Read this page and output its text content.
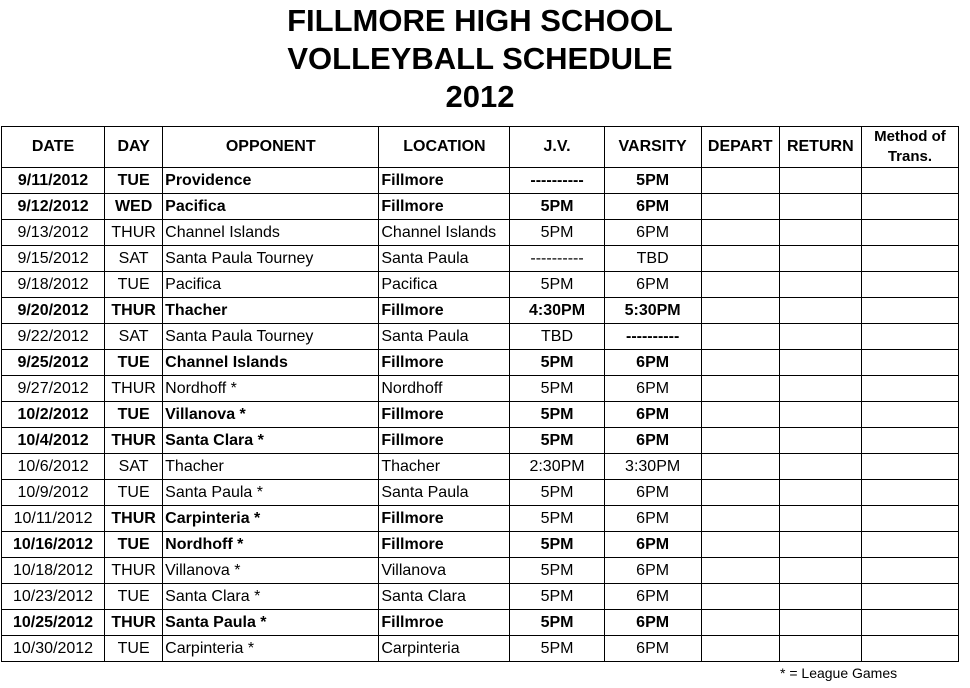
FILLMORE HIGH SCHOOL
VOLLEYBALL SCHEDULE
2012
DATE	DAY	OPPONENT	LOCATION	J.V.	VARSITY	DEPART	RETURN	Method of
Trans.
9/11/2012	TUE	Providence	Fillmore	----------	5PM			
9/12/2012	WED	Pacifica	Fillmore	5PM	6PM			
9/13/2012	THUR	Channel Islands	Channel Islands	5PM	6PM			
9/15/2012	SAT	Santa Paula Tourney	Santa Paula	----------	TBD			
9/18/2012	TUE	Pacifica	Pacifica	5PM	6PM			
9/20/2012	THUR	Thacher	Fillmore	4:30PM	5:30PM			
9/22/2012	SAT	Santa Paula Tourney	Santa Paula	TBD	----------			
9/25/2012	TUE	Channel Islands	Fillmore	5PM	6PM			
9/27/2012	THUR	Nordhoff *	Nordhoff	5PM	6PM			
10/2/2012	TUE	Villanova *	Fillmore	5PM	6PM			
10/4/2012	THUR	Santa Clara *	Fillmore	5PM	6PM			
10/6/2012	SAT	Thacher	Thacher	2:30PM	3:30PM			
10/9/2012	TUE	Santa Paula *	Santa Paula	5PM	6PM			
10/11/2012	THUR	Carpinteria *	Fillmore	5PM	6PM			
10/16/2012	TUE	Nordhoff *	Fillmore	5PM	6PM			
10/18/2012	THUR	Villanova *	Villanova	5PM	6PM			
10/23/2012	TUE	Santa Clara *	Santa Clara	5PM	6PM			
10/25/2012	THUR	Santa Paula *	Fillmroe	5PM	6PM			
10/30/2012	TUE	Carpinteria *	Carpinteria	5PM	6PM			
* = League Games
